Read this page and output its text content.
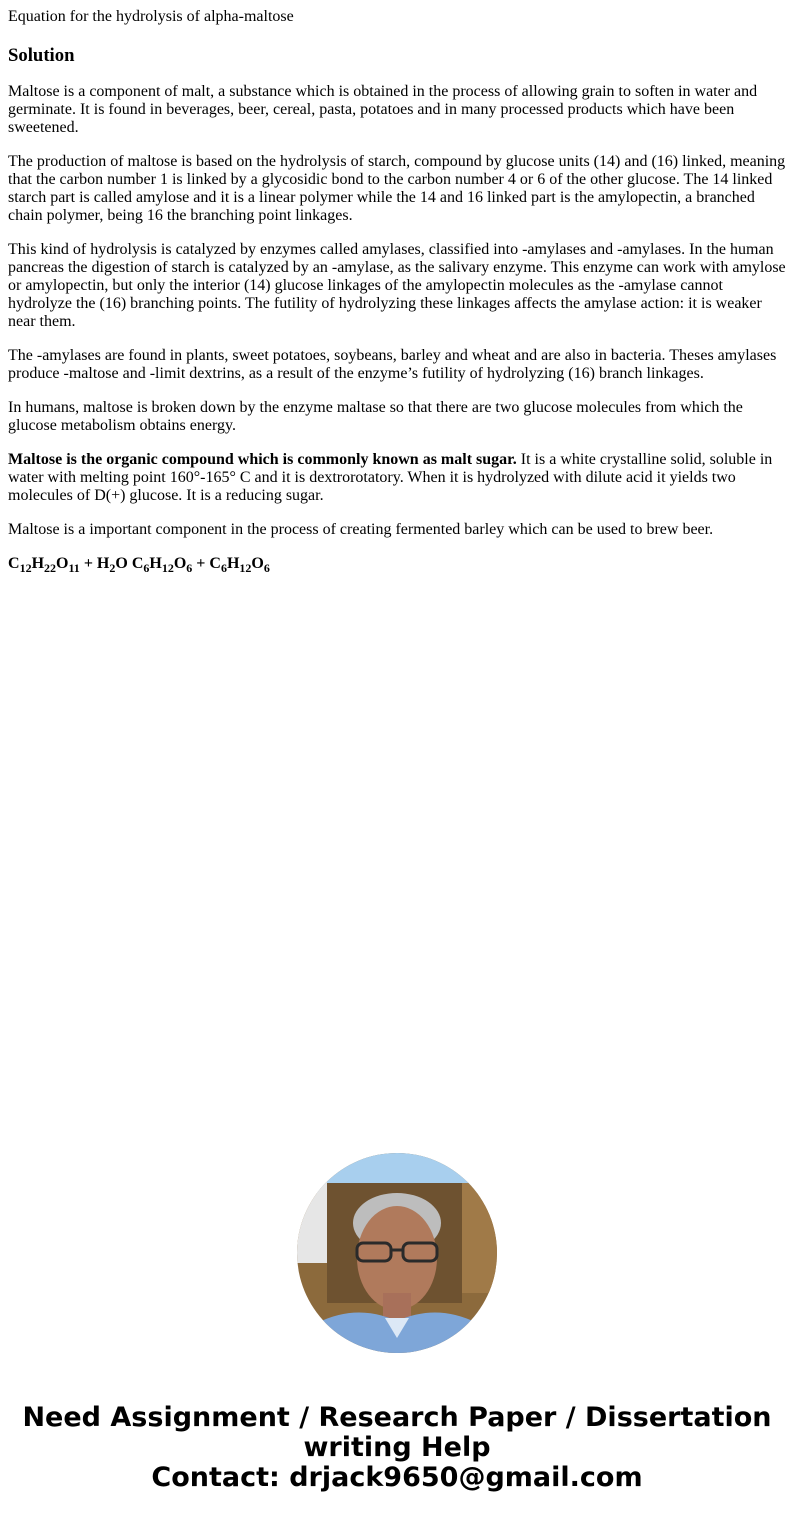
Equation for the hydrolysis of alpha-maltose

Solution

Maltose is a component of malt, a substance which is obtained in the process of allowing grain to soften in water and germinate. It is found in beverages, beer, cereal, pasta, potatoes and in many processed products which have been sweetened.

The production of maltose is based on the hydrolysis of starch, compound by glucose units (14) and (16) linked, meaning that the carbon number 1 is linked by a glycosidic bond to the carbon number 4 or 6 of the other glucose. The 14 linked starch part is called amylose and it is a linear polymer while the 14 and 16 linked part is the amylopectin, a branched chain polymer, being 16 the branching point linkages.

This kind of hydrolysis is catalyzed by enzymes called amylases, classified into -amylases and -amylases. In the human pancreas the digestion of starch is catalyzed by an -amylase, as the salivary enzyme. This enzyme can work with amylose or amylopectin, but only the interior (14) glucose linkages of the amylopectin molecules as the -amylase cannot hydrolyze the (16) branching points. The futility of hydrolyzing these linkages affects the amylase action: it is weaker near them.

The -amylases are found in plants, sweet potatoes, soybeans, barley and wheat and are also in bacteria. Theses amylases produce -maltose and -limit dextrins, as a result of the enzyme’s futility of hydrolyzing (16) branch linkages.

In humans, maltose is broken down by the enzyme maltase so that there are two glucose molecules from which the glucose metabolism obtains energy.

Maltose is the organic compound which is commonly known as malt sugar. It is a white crystalline solid, soluble in water with melting point 160°-165° C and it is dextrorotatory. When it is hydrolyzed with dilute acid it yields two molecules of D(+) glucose. It is a reducing sugar.

Maltose is a important component in the process of creating fermented barley which can be used to brew beer.

$C_{12}H_{22}O_{11} + H_2O$ $C_6H_{12}O_6 + C_6H_{12}O_6$

Need Assignment / Research Paper / Dissertation
writing Help
Contact: drjack9650@gmail.com
